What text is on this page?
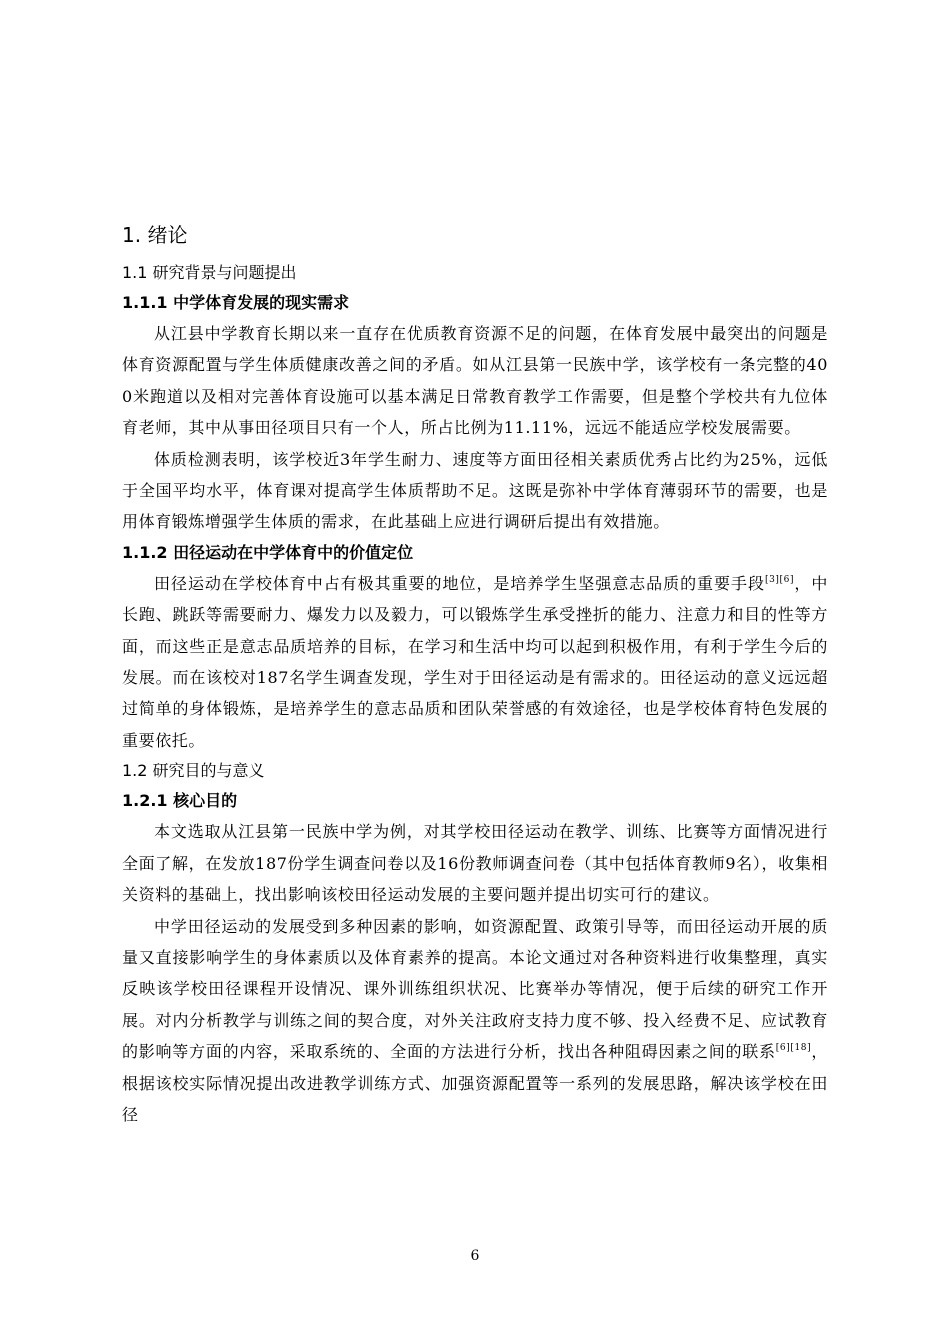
1. 绪论
1.1 研究背景与问题提出
1.1.1 中学体育发展的现实需求

从江县中学教育长期以来一直存在优质教育资源不足的问题，在体育发展中最突出的问题是体育资源配置与学生体质健康改善之间的矛盾。如从江县第一民族中学，该学校有一条完整的400米跑道以及相对完善体育设施可以基本满足日常教育教学工作需要，但是整个学校共有九位体育老师，其中从事田径项目只有一个人，所占比例为11.11%，远远不能适应学校发展需要。

体质检测表明，该学校近3年学生耐力、速度等方面田径相关素质优秀占比约为25%，远低于全国平均水平，体育课对提高学生体质帮助不足。这既是弥补中学体育薄弱环节的需要，也是用体育锻炼增强学生体质的需求，在此基础上应进行调研后提出有效措施。

1.1.2 田径运动在中学体育中的价值定位

田径运动在学校体育中占有极其重要的地位，是培养学生坚强意志品质的重要手段[3][6]，中长跑、跳跃等需要耐力、爆发力以及毅力，可以锻炼学生承受挫折的能力、注意力和目的性等方面，而这些正是意志品质培养的目标，在学习和生活中均可以起到积极作用，有利于学生今后的发展。而在该校对187名学生调查发现，学生对于田径运动是有需求的。田径运动的意义远远超过简单的身体锻炼，是培养学生的意志品质和团队荣誉感的有效途径，也是学校体育特色发展的重要依托。

1.2 研究目的与意义
1.2.1 核心目的

本文选取从江县第一民族中学为例，对其学校田径运动在教学、训练、比赛等方面情况进行全面了解，在发放187份学生调查问卷以及16份教师调查问卷（其中包括体育教师9名），收集相关资料的基础上，找出影响该校田径运动发展的主要问题并提出切实可行的建议。

中学田径运动的发展受到多种因素的影响，如资源配置、政策引导等，而田径运动开展的质量又直接影响学生的身体素质以及体育素养的提高。本论文通过对各种资料进行收集整理，真实反映该学校田径课程开设情况、课外训练组织状况、比赛举办等情况，便于后续的研究工作开展。对内分析教学与训练之间的契合度，对外关注政府支持力度不够、投入经费不足、应试教育的影响等方面的内容，采取系统的、全面的方法进行分析，找出各种阻碍因素之间的联系[6][18]，根据该校实际情况提出改进教学训练方式、加强资源配置等一系列的发展思路，解决该学校在田径

6
